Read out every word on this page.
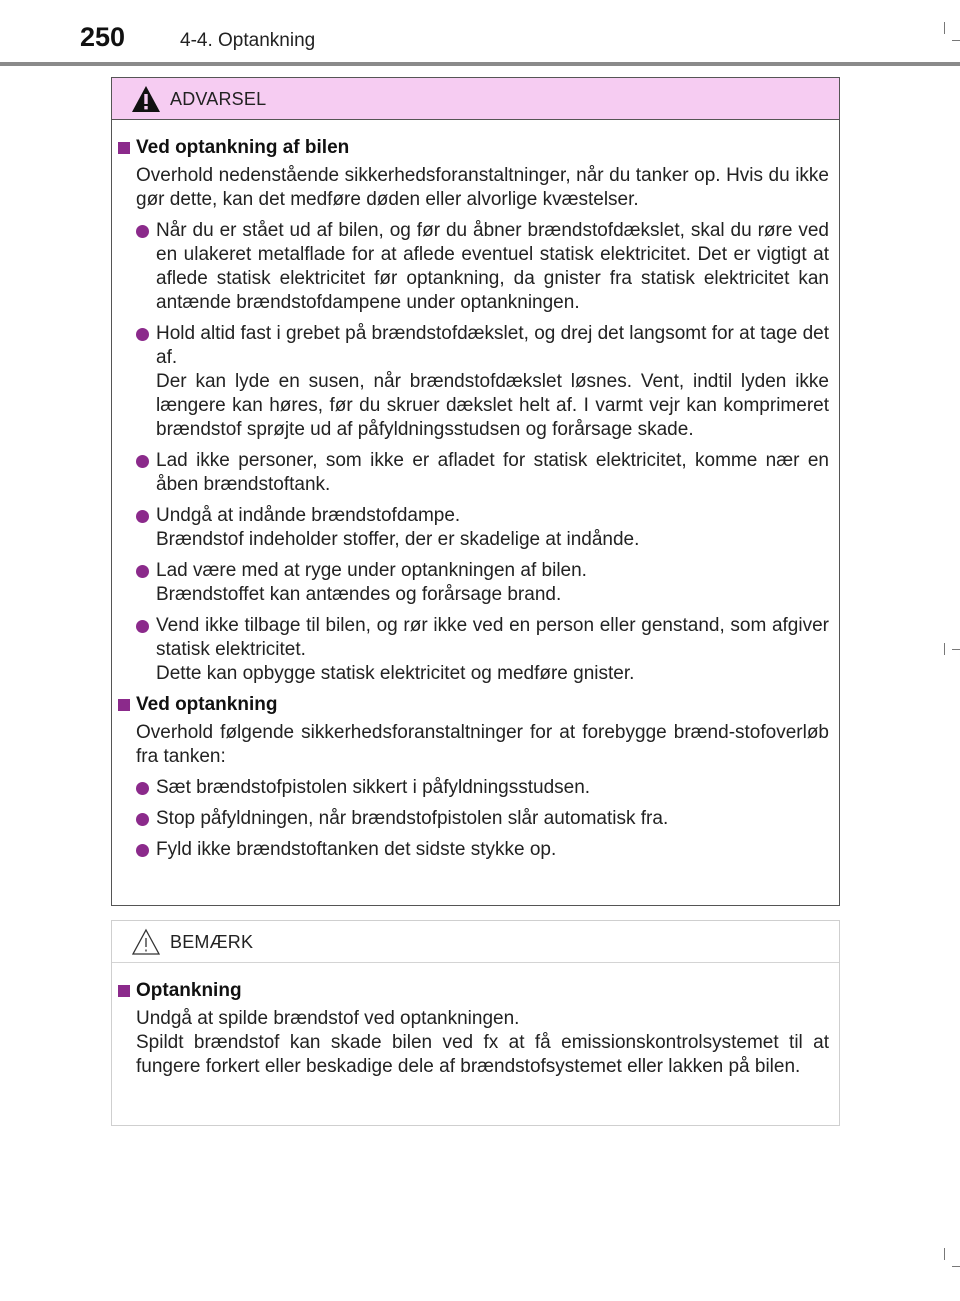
250	4-4. Optankning
ADVARSEL
Ved optankning af bilen
Overhold nedenstående sikkerhedsforanstaltninger, når du tanker op. Hvis du ikke gør dette, kan det medføre døden eller alvorlige kvæstelser.
Når du er stået ud af bilen, og før du åbner brændstofdækslet, skal du røre ved en ulakeret metalflade for at aflede eventuel statisk elektricitet. Det er vigtigt at aflede statisk elektricitet før optankning, da gnister fra statisk elektricitet kan antænde brændstofdampene under optankningen.
Hold altid fast i grebet på brændstofdækslet, og drej det langsomt for at tage det af.
Der kan lyde en susen, når brændstofdækslet løsnes. Vent, indtil lyden ikke længere kan høres, før du skruer dækslet helt af. I varmt vejr kan komprimeret brændstof sprøjte ud af påfyldningsstudsen og forårsage skade.
Lad ikke personer, som ikke er afladet for statisk elektricitet, komme nær en åben brændstoftank.
Undgå at indånde brændstofdampe.
Brændstof indeholder stoffer, der er skadelige at indånde.
Lad være med at ryge under optankningen af bilen.
Brændstoffet kan antændes og forårsage brand.
Vend ikke tilbage til bilen, og rør ikke ved en person eller genstand, som afgiver statisk elektricitet.
Dette kan opbygge statisk elektricitet og medføre gnister.
Ved optankning
Overhold følgende sikkerhedsforanstaltninger for at forebygge brænd-stofoverløb fra tanken:
Sæt brændstofpistolen sikkert i påfyldningsstudsen.
Stop påfyldningen, når brændstofpistolen slår automatisk fra.
Fyld ikke brændstoftanken det sidste stykke op.
BEMÆRK
Optankning
Undgå at spilde brændstof ved optankningen.
Spildt brændstof kan skade bilen ved fx at få emissionskontrolsystemet til at fungere forkert eller beskadige dele af brændstofsystemet eller lakken på bilen.
